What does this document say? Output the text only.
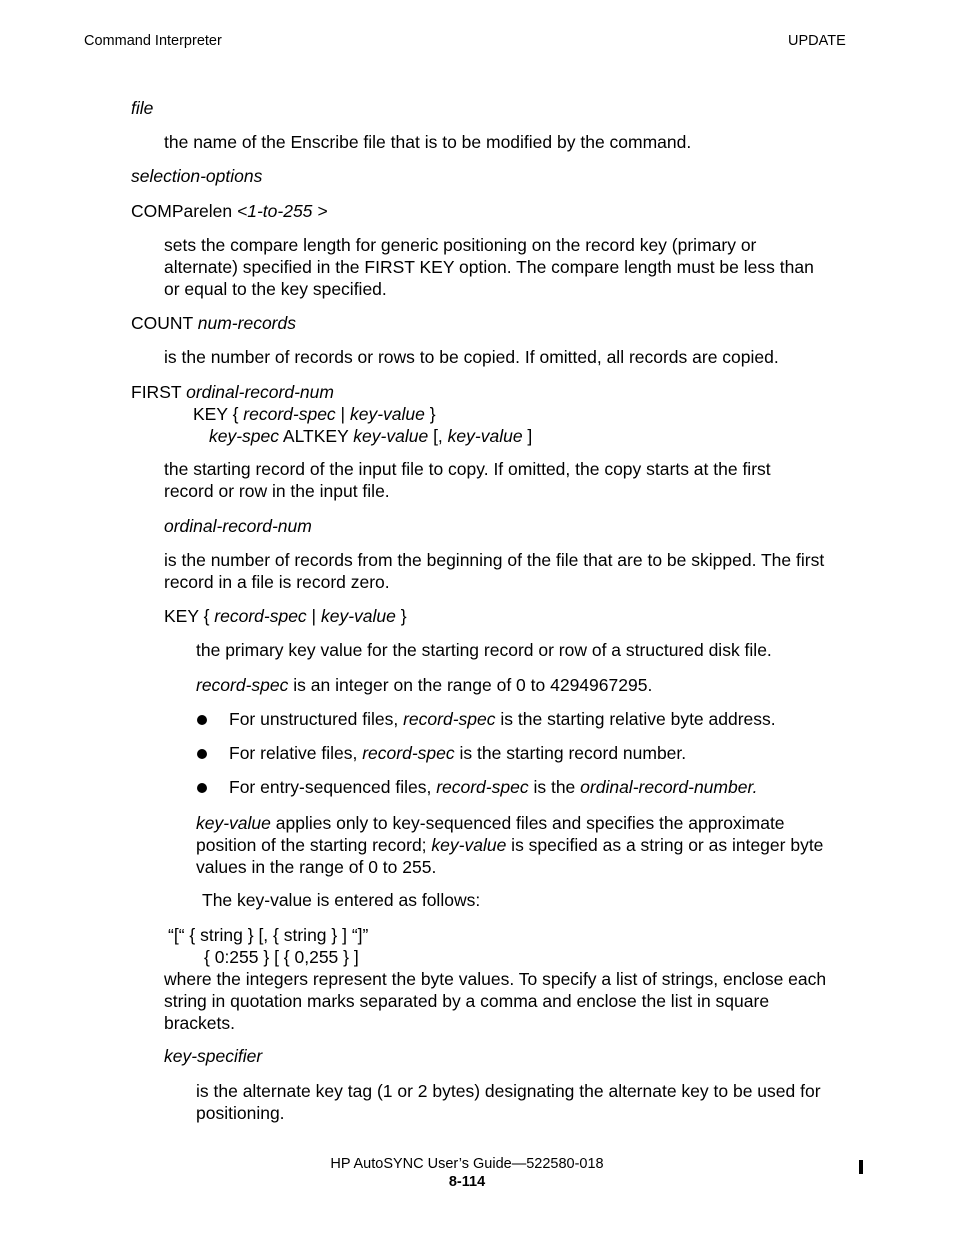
Command Interpreter	UPDATE
file
the name of the Enscribe file that is to be modified by the command.
selection-options
COMParelen <1-to-255 >
sets the compare length for generic positioning on the record key (primary or alternate) specified in the FIRST KEY option. The compare length must be less than or equal to the key specified.
COUNT num-records
is the number of records or rows to be copied. If omitted, all records are copied.
FIRST ordinal-record-num
KEY { record-spec | key-value }
key-spec ALTKEY key-value [, key-value ]
the starting record of the input file to copy. If omitted, the copy starts at the first record or row in the input file.
ordinal-record-num
is the number of records from the beginning of the file that are to be skipped. The first record in a file is record zero.
KEY { record-spec | key-value }
the primary key value for the starting record or row of a structured disk file.
record-spec is an integer on the range of 0 to 4294967295.
For unstructured files, record-spec is the starting relative byte address.
For relative files, record-spec is the starting record number.
For entry-sequenced files, record-spec is the ordinal-record-number.
key-value applies only to key-sequenced files and specifies the approximate position of the starting record; key-value is specified as a string or as integer byte values in the range of 0 to 255.
The key-value is entered as follows:
“[“ { string } [, { string } ] “]”
{ 0:255 } [ { 0,255 } ]
where the integers represent the byte values. To specify a list of strings, enclose each string in quotation marks separated by a comma and enclose the list in square brackets.
key-specifier
is the alternate key tag (1 or 2 bytes) designating the alternate key to be used for positioning.
HP AutoSYNC User’s Guide—522580-018
8-114
